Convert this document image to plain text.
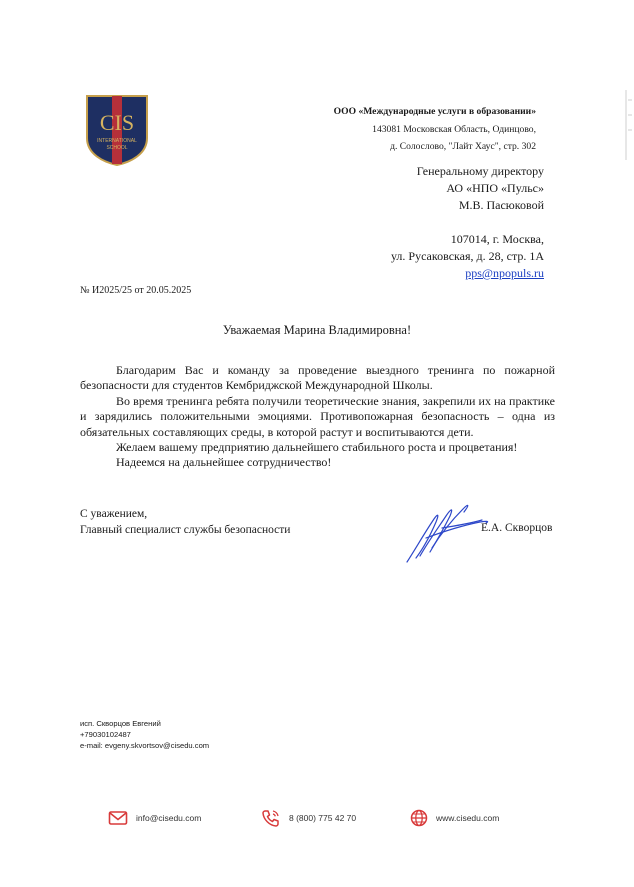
CIS
INTERNATIONAL
SCHOOL
ООО «Международные услуги в образовании»
143081 Московская Область, Одинцово,
д. Солослово, "Лайт Хаус", стр. 302
Генеральному директору
АО «НПО «Пульс»
М.В. Пасюковой
107014, г. Москва,
ул. Русаковская, д. 28, стр. 1А
pps@npopuls.ru
№ И2025/25 от 20.05.2025
Уважаемая Марина Владимировна!

Благодарим Вас и команду за проведение выездного тренинга по пожарной безопасности для студентов Кембриджской Международной Школы.

Во время тренинга ребята получили теоретические знания, закрепили их на практике и зарядились положительными эмоциями. Противопожарная безопасность – одна из обязательных составляющих среды, в которой растут и воспитываются дети.

Желаем вашему предприятию дальнейшего стабильного роста и процветания!

Надеемся на дальнейшее сотрудничество!

С уважением,
Главный специалист службы безопасности	Е.А. Скворцов
исп. Скворцов Евгений
+79030102487
e-mail: evgeny.skvortsov@cisedu.com
info@cisedu.com	8 (800) 775 42 70	www.cisedu.com
